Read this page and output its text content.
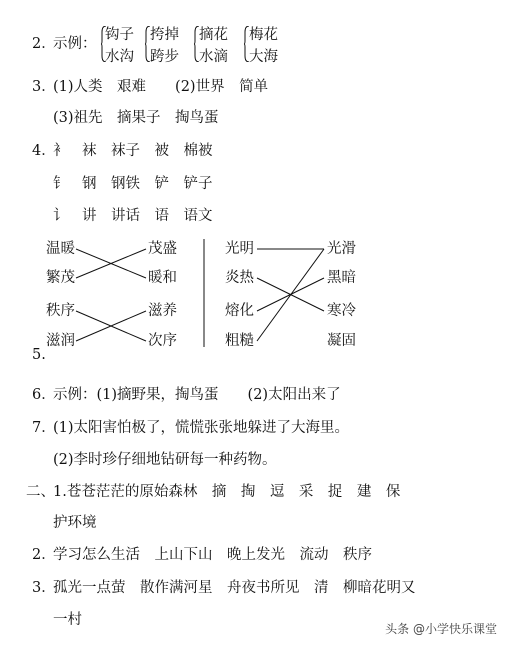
2．
示例：
钩子
水沟
挎掉
跨步
摘花
水滴
梅花
大海
3．
(1)人类　艰难　　(2)世界　简单
(3)祖先　摘果子　掏鸟蛋
4．
衤　袜　袜子　被　棉被
钅　钢　钢铁　铲　铲子
讠　讲　讲话　语　语文
温暖
繁茂
秩序
滋润
茂盛
暖和
滋养
次序
光明
炎热
熔化
粗糙
光滑
黑暗
寒冷
凝固
5.
6．
示例：(1)摘野果，掏鸟蛋　　(2)太阳出来了
7．
(1)太阳害怕极了，慌慌张张地躲进了大海里。
(2)李时珍仔细地钻研每一种药物。
二、
1.苍苍茫茫的原始森林　摘　掏　逗　采　捉　建　保
护环境
2．
学习怎么生活　上山下山　晚上发光　流动　秩序
3．
孤光一点萤　散作满河星　舟夜书所见　清　柳暗花明又
一村
头条 @小学快乐课堂
